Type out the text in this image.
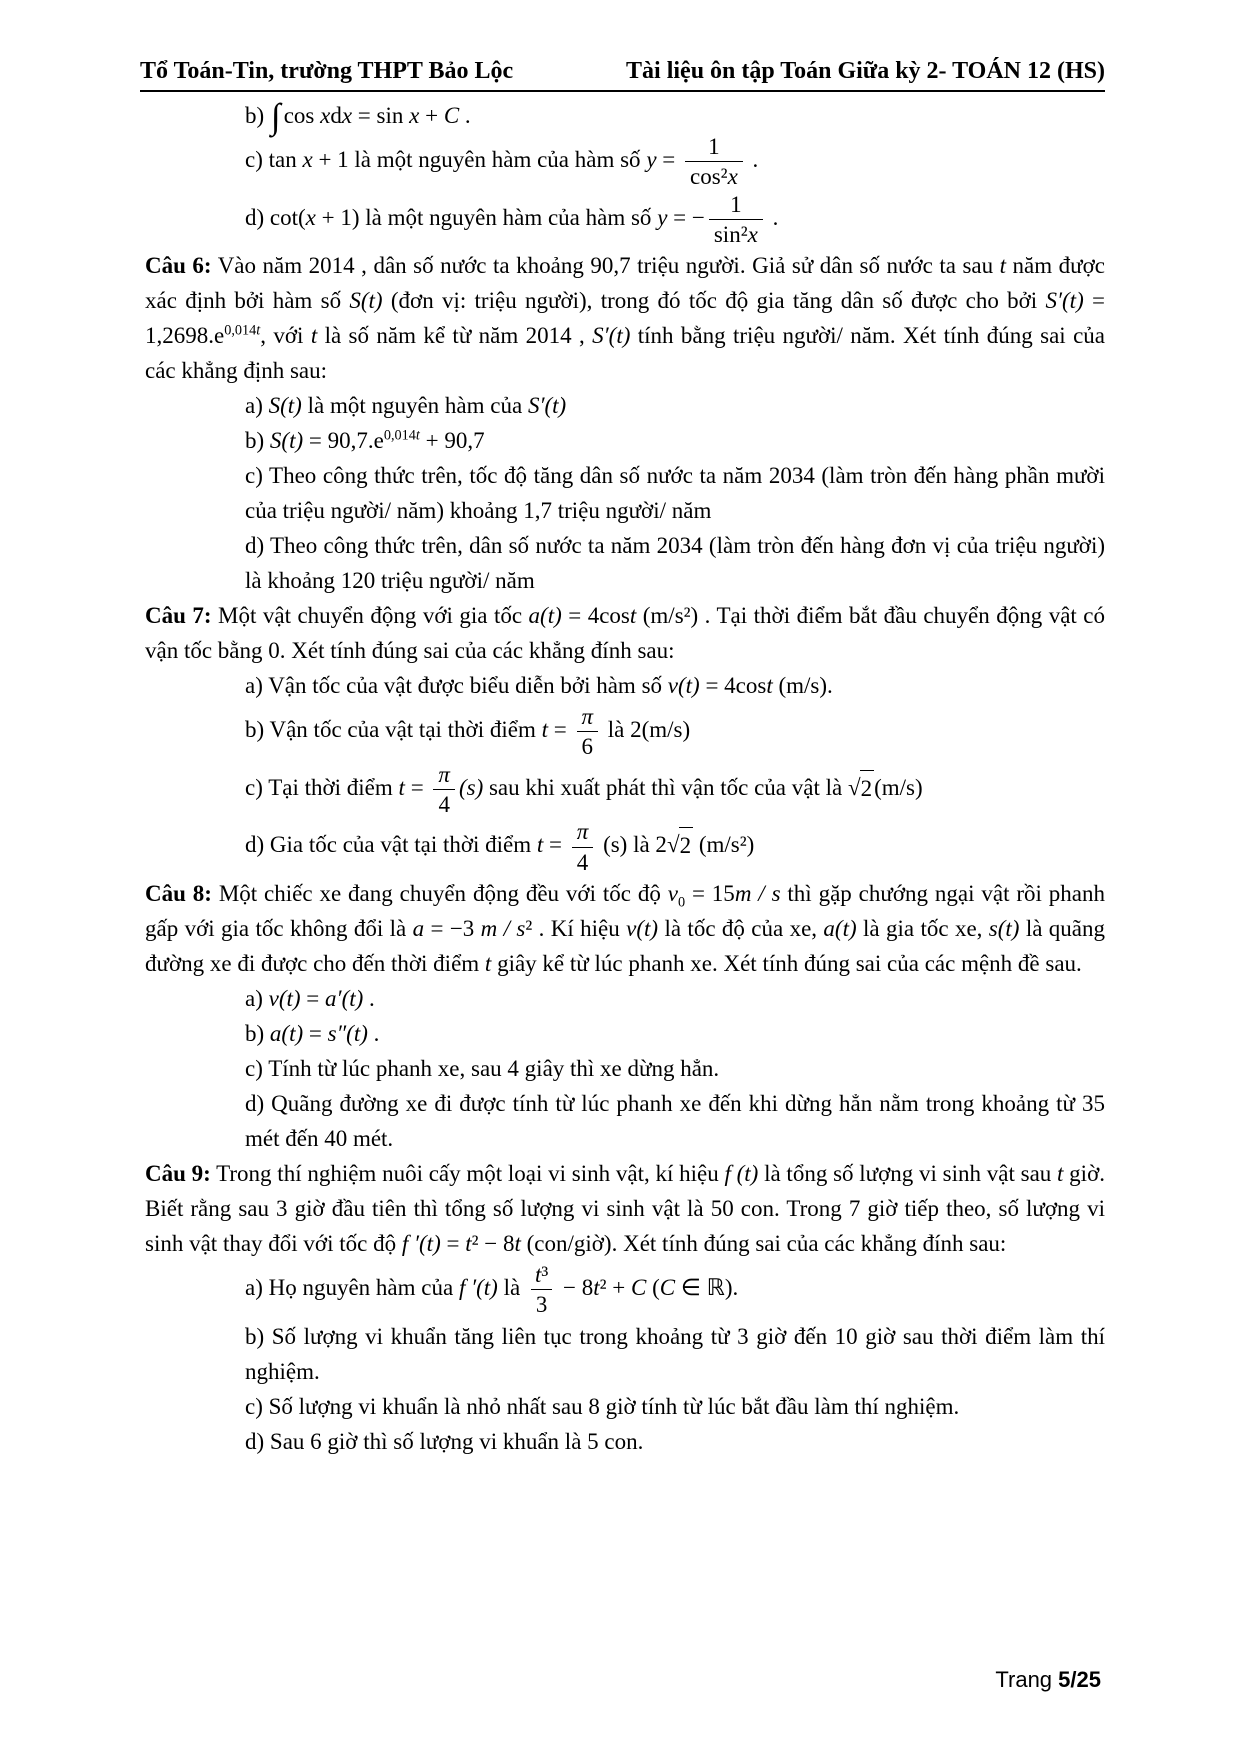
Tổ Toán-Tin, trường THPT Bảo Lộc	Tài liệu ôn tập Toán Giữa kỳ 2- TOÁN 12 (HS)

b) ∫ cos xdx = sin x + C .

c) tan x + 1 là một nguyên hàm của hàm số $y = \frac{1}{\text{cos²x}}$ .

d) cot(x + 1) là một nguyên hàm của hàm số y = − $\frac{1}{\text{sin²x}}$ .

Câu 6: Vào năm 2014 , dân số nước ta khoảng 90,7 triệu người. Giả sử dân số nước ta sau t năm được xác định bởi hàm số S(t) (đơn vị: triệu người), trong đó tốc độ gia tăng dân số được cho bởi $S'(t) = 1,2698.e^{0,014t}$, với t là số năm kể từ năm 2014 , S′(t) tính bằng triệu người/ năm. Xét tính đúng sai của các khẳng định sau:

a) S(t) là một nguyên hàm của S′(t)

b) $S(t) = 90,7.e^{0,014t} + 90,7$

c) Theo công thức trên, tốc độ tăng dân số nước ta năm 2034 (làm tròn đến hàng phần mười của triệu người/ năm) khoảng 1,7 triệu người/ năm

d) Theo công thức trên, dân số nước ta năm 2034 (làm tròn đến hàng đơn vị của triệu người) là khoảng 120 triệu người/ năm

Câu 7: Một vật chuyển động với gia tốc a(t) = 4cost (m/s²) . Tại thời điểm bắt đầu chuyển động vật có vận tốc bằng 0. Xét tính đúng sai của các khẳng đính sau:

a) Vận tốc của vật được biểu diễn bởi hàm số v(t) = 4cost (m/s).

b) Vận tốc của vật tại thời điểm $t = \frac{\pi}{6}$ là 2(m/s)

c) Tại thời điểm $t = \frac{\pi}{4} (s)$ sau khi xuất phát thì vận tốc của vật là √ 2 (m/s)

d) Gia tốc của vật tại thời điểm $t = \frac{\pi}{4} (s)$ là 2 √ 2 (m/s²)

Câu 8: Một chiếc xe đang chuyển động đều với tốc độ $v_0 = 15m / s$ thì gặp chướng ngại vật rồi phanh gấp với gia tốc không đổi là a = −3 m / s² . Kí hiệu v(t) là tốc độ của xe, a(t) là gia tốc xe, s(t) là quãng đường xe đi được cho đến thời điểm t giây kể từ lúc phanh xe. Xét tính đúng sai của các mệnh đề sau.

a) v(t) = a′(t) .

b) a(t) = s″(t) .

c) Tính từ lúc phanh xe, sau 4 giây thì xe dừng hẳn.

d) Quãng đường xe đi được tính từ lúc phanh xe đến khi dừng hẳn nằm trong khoảng từ 35 mét đến 40 mét.

Câu 9: Trong thí nghiệm nuôi cấy một loại vi sinh vật, kí hiệu f (t) là tổng số lượng vi sinh vật sau t giờ. Biết rằng sau 3 giờ đầu tiên thì tổng số lượng vi sinh vật là 50 con. Trong 7 giờ tiếp theo, số lượng vi sinh vật thay đổi với tốc độ f ′(t) = t² − 8t (con/giờ). Xét tính đúng sai của các khẳng đính sau:

a) Họ nguyên hàm của f ′(t) là $\frac{\text{t³}}{3} - 8t^2 + C$ (C ∈ ℝ).

b) Số lượng vi khuẩn tăng liên tục trong khoảng từ 3 giờ đến 10 giờ sau thời điểm làm thí nghiệm.

c) Số lượng vi khuẩn là nhỏ nhất sau 8 giờ tính từ lúc bắt đầu làm thí nghiệm.

d) Sau 6 giờ thì số lượng vi khuẩn là 5 con.

Trang 5/25
